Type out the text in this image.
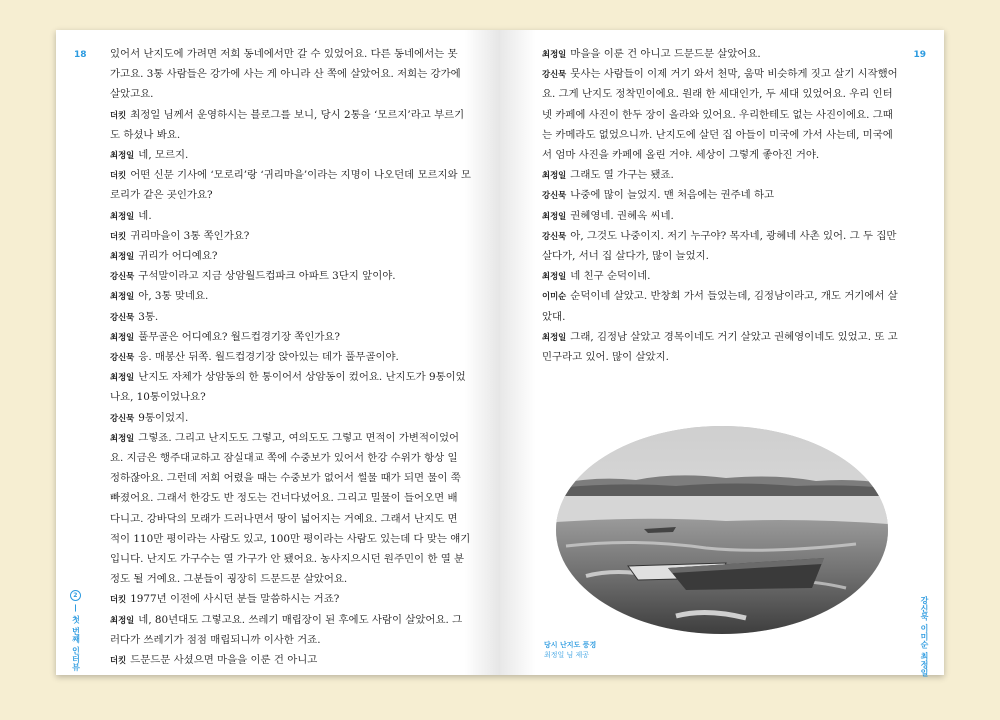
18 있어서 난지도에 가려면 저희 동네에서만 갈 수 있었어요. 다른 동네에서는 못
가고요. 3통 사람들은 강가에 사는 게 아니라 산 쪽에 살았어요. 저희는 강가에
살았고요.
더킷 최정일 님께서 운영하시는 블로그를 보니, 당시 2통을 ‘모르지’라고 부르기
도 하셨나 봐요.
최정일 네, 모르지.
더킷 어떤 신문 기사에 ‘모로리’랑 ‘귀리마을’이라는 지명이 나오던데 모르지와 모
로리가 같은 곳인가요?
최정일 네.
더킷 귀리마을이 3통 쪽인가요?
최정일 귀리가 어디예요?
강신묵 구석말이라고 지금 상암월드컵파크 아파트 3단지 앞이야.
최정일 아, 3통 맞네요.
강신묵 3통.
최정일 풀무골은 어디예요? 월드컵경기장 쪽인가요?
강신묵 응. 매봉산 뒤쪽. 월드컵경기장 앉아있는 데가 풀무골이야.
최정일 난지도 자체가 상암동의 한 통이어서 상암동이 컸어요. 난지도가 9통이었
나요, 10통이었나요?
강신묵 9통이었지.
최정일 그렇죠. 그리고 난지도도 그렇고, 여의도도 그렇고 면적이 가변적이었어
요. 지금은 행주대교하고 잠실대교 쪽에 수중보가 있어서 한강 수위가 항상 일
정하잖아요. 그런데 저희 어렸을 때는 수중보가 없어서 썰물 때가 되면 물이 쭉
빠졌어요. 그래서 한강도 반 정도는 건너다녔어요. 그리고 밀물이 들어오면 배
다니고. 강바닥의 모래가 드러나면서 땅이 넓어지는 거예요. 그래서 난지도 면
적이 110만 평이라는 사람도 있고, 100만 평이라는 사람도 있는데 다 맞는 얘기
입니다. 난지도 가구수는 열 가구가 안 됐어요. 농사지으시던 원주민이 한 열 분
정도 될 거예요. 그분들이 굉장히 드문드문 살았어요.
더킷 1977년 이전에 사시던 분들 말씀하시는 거죠?
최정일 네, 80년대도 그렇고요. 쓰레기 매립장이 된 후에도 사람이 살았어요. 그
러다가 쓰레기가 점점 매립되니까 이사한 거죠.
더킷 드문드문 사셨으면 마을을 이룬 건 아니고
2— 첫 번째 인터뷰
19
최정일 마을을 이룬 건 아니고 드문드문 살았어요.
강신묵 뭇사는 사람들이 이제 거기 와서 천막, 움막 비슷하게 짓고 살기 시작했어
요. 그게 난지도 정착민이에요. 원래 한 세대인가, 두 세대 있었어요. 우리 인터
넷 카페에 사진이 한두 장이 올라와 있어요. 우리한테도 없는 사진이에요. 그때
는 카메라도 없었으니까. 난지도에 살던 집 아들이 미국에 가서 사는데, 미국에
서 엄마 사진을 카페에 올린 거야. 세상이 그렇게 좋아진 거야.
최정일 그래도 열 가구는 됐죠.
강신묵 나중에 많이 늘었지. 맨 처음에는 권주네 하고
최정일 권혜영네. 권혜옥 씨네.
강신묵 아, 그것도 나중이지. 저기 누구야? 목자네, 광혜네 사촌 있어. 그 두 집만
살다가, 서너 집 살다가, 많이 늘었지.
최정일 네 친구 순덕이네.
이미순 순덕이네 살았고. 반창회 가서 들었는데, 김정남이라고, 개도 거기에서 살
았대.
최정일 그래, 김정남 살았고 경목이네도 거기 살았고 권혜영이네도 있었고. 또 고
민구라고 있어. 많이 살았지.
당시 난지도 풍경
최정일 님 제공	강신묵 이미순 최정일
